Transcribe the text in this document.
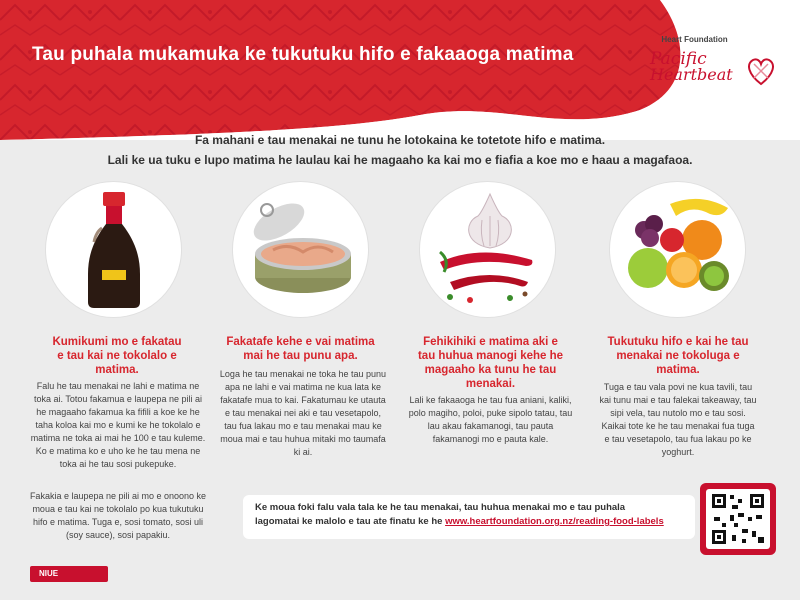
Tau puhala mukamuka ke tukutuku hifo e fakaaoga matima
❤ Heart Foundation
Pacific
Heartbeat
Fa mahani e tau menakai ne tunu he lotokaina ke totetote hifo e matima.
Lali ke ua tuku e lupo matima he laulau kai he magaaho ka kai mo e fiafia a koe mo e haau a magafaoa.
Kumikumi mo e fakatau e tau kai ne tokolalo e matima.
Falu he tau menakai ne lahi e matima ne toka ai. Totou fakamua e laupepa ne pili ai he magaaho fakamua ka fifili a koe ke he taha koloa kai mo e kumi ke he tokolalo e matima ne toka ai mai he 100 e tau kuleme. Ko e matima ko e uho ke he tau mena ne toka ai he tau sosi pukepuke.
Fakakia e laupepa ne pili ai mo e onoono ke moua e tau kai ne tokolalo po kua tukutuku hifo e matima. Tuga e, sosi tomato, sosi uli (soy sauce), sosi papakiu.
Fakatafe kehe e vai matima mai he tau punu apa.
Loga he tau menakai ne toka he tau punu apa ne lahi e vai matima ne kua lata ke fakatafe mua to kai. Fakatumau ke utauta e tau menakai nei aki e tau vesetapolo, tau fua lakau mo e tau menakai mau ke moua mai e tau huhua mitaki mo taumafa ki ai.
Fehikihiki e matima aki e tau huhua manogi kehe he magaaho ka tunu he tau menakai.
Lali ke fakaaoga he tau fua aniani, kaliki, polo magiho, poloi, puke sipolo tatau, tau lau akau fakamanogi, tau pauta fakamanogi mo e pauta kale.
Tukutuku hifo e kai he tau menakai ne tokoluga e matima.
Tuga e tau vala povi ne kua tavili, tau kai tunu mai e tau falekai takeaway, tau sipi vela, tau nutolo mo e tau sosi. Kaikai tote ke he tau menakai fua tuga e tau vesetapolo, tau fua lakau po ke yoghurt.
Ke moua foki falu vala tala ke he tau menakai, tau huhua menakai mo e tau puhala
lagomatai ke malolo e tau ate finatu ke he www.heartfoundation.org.nz/reading-food-labels
NIUE
